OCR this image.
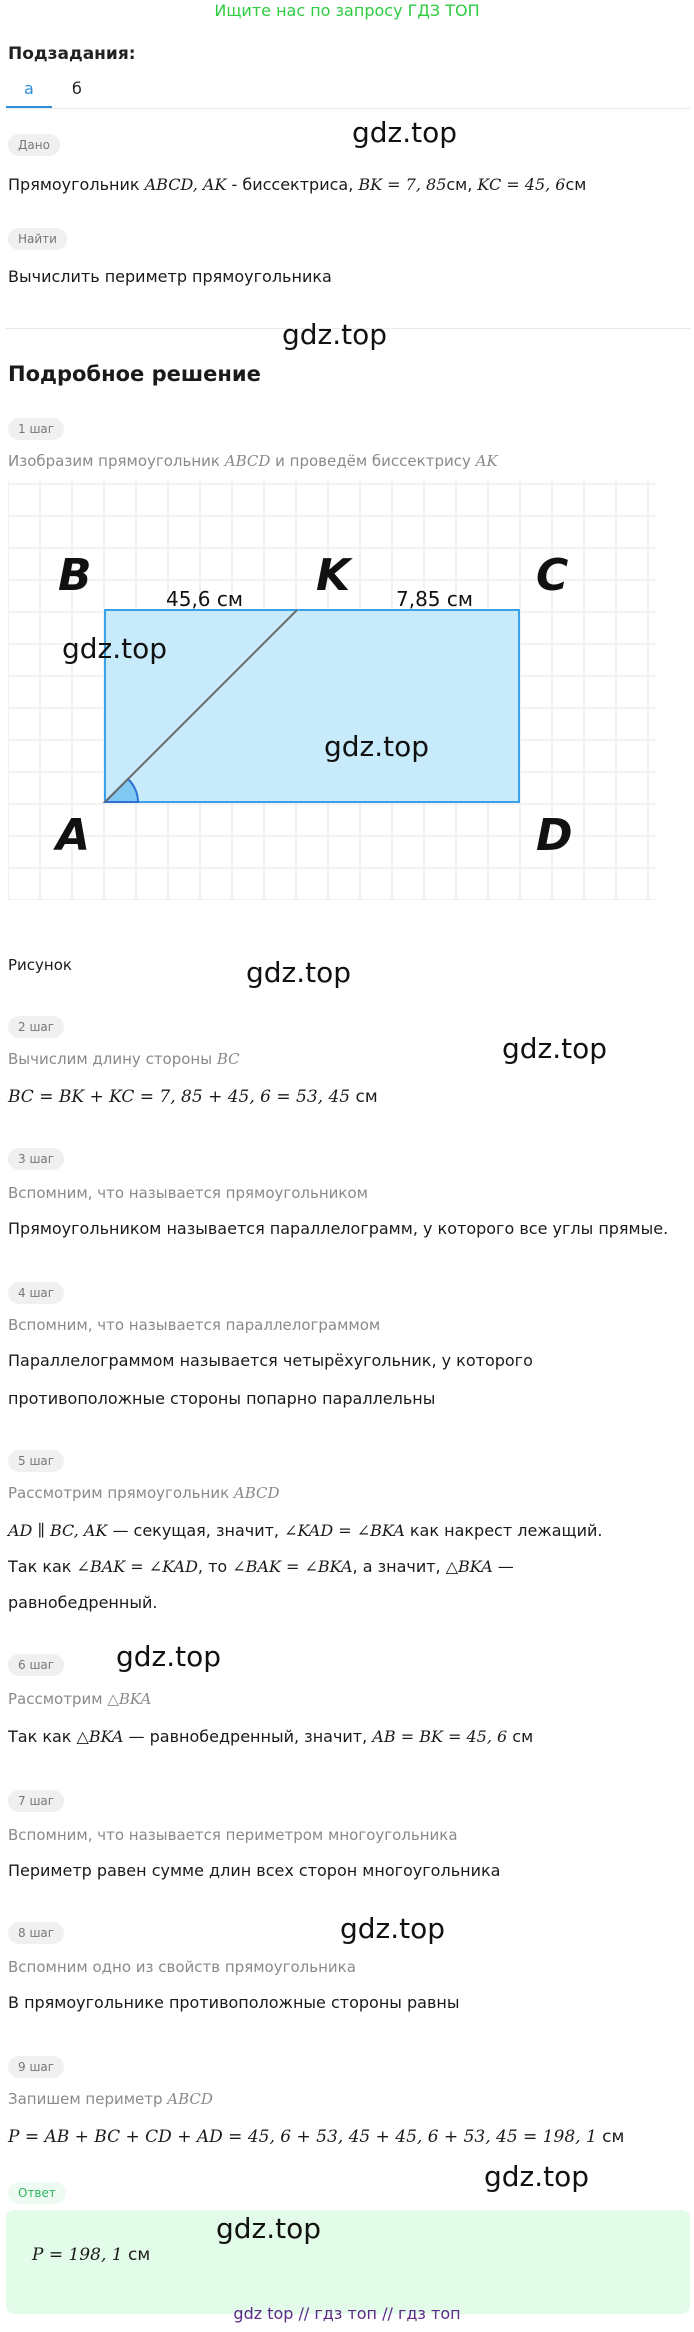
Ищите нас по запросу ГДЗ ТОП
Подзадания:
а б
Дано
Прямоугольник ABCD, AK - биссектриса, BK = 7, 85см, KC = 45, 6см
Найти
Вычислить периметр прямоугольника
Подробное решение
1 шаг
Изобразим прямоугольник ABCD и проведём биссектрису AK
B	K	C
A	D
45,6 см	7,85 см
gdz.top
gdz.top
Рисунок
2 шаг
Вычислим длину стороны BC
BC = BK + KC = 7, 85 + 45, 6 = 53, 45 см
3 шаг
Вспомним, что называется прямоугольником
Прямоугольником называется параллелограмм, у которого все углы прямые.
4 шаг
Вспомним, что называется параллелограммом
Параллелограммом называется четырёхугольник, у которого
противоположные стороны попарно параллельны
5 шаг
Рассмотрим прямоугольник ABCD
AD ∥ BC, AK — секущая, значит, ∠KAD = ∠BKA как накрест лежащий.
Так как ∠BAK = ∠KAD, то ∠BAK = ∠BKA, а значит, △BKA —
равнобедренный.
6 шаг
Рассмотрим △BKA
Так как △BKA — равнобедренный, значит, AB = BK = 45, 6 см
7 шаг
Вспомним, что называется периметром многоугольника
Периметр равен сумме длин всех сторон многоугольника
8 шаг
Вспомним одно из свойств прямоугольника
В прямоугольнике противоположные стороны равны
9 шаг
Запишем периметр ABCD
P = AB + BC + CD + AD = 45, 6 + 53, 45 + 45, 6 + 53, 45 = 198, 1 см
Ответ
P = 198, 1 см
gdz.top
gdz.top
gdz.top
gdz.top
gdz.top
gdz.top
gdz.top
gdz.top
gdz top // гдз топ // гдз топ
